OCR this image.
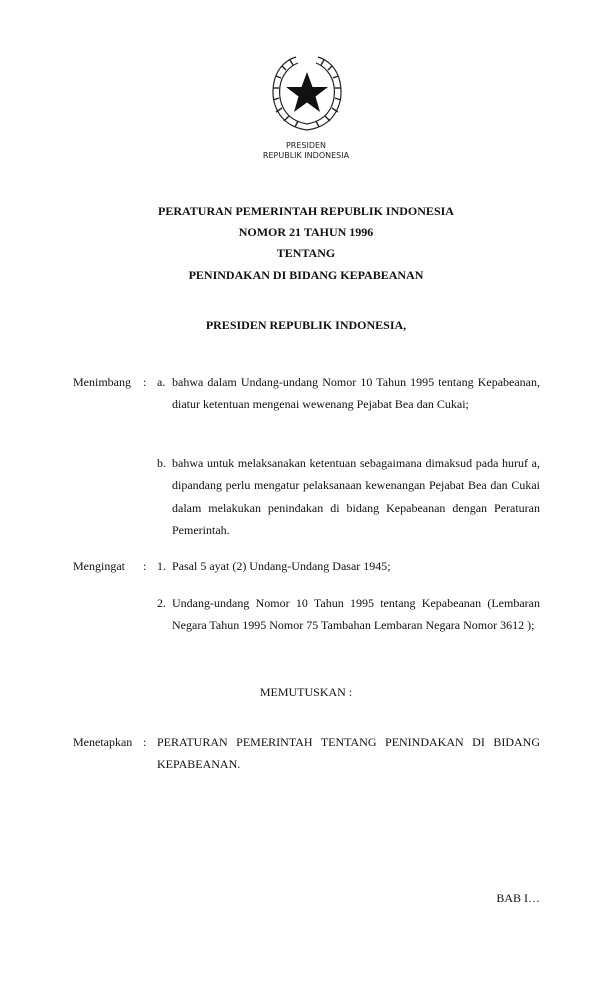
PRESIDEN
REPUBLIK INDONESIA
PERATURAN PEMERINTAH REPUBLIK INDONESIA
NOMOR 21 TAHUN 1996
TENTANG
PENINDAKAN DI BIDANG KEPABEANAN
PRESIDEN REPUBLIK INDONESIA,
Menimbang : a. bahwa dalam Undang-undang Nomor 10 Tahun 1995 tentang Kepabeanan, diatur ketentuan mengenai wewenang Pejabat Bea dan Cukai;
b. bahwa untuk melaksanakan ketentuan sebagaimana dimaksud pada huruf a, dipandang perlu mengatur pelaksanaan kewenangan Pejabat Bea dan Cukai dalam melakukan penindakan di bidang Kepabeanan dengan Peraturan Pemerintah.
Mengingat : 1. Pasal 5 ayat (2) Undang-Undang Dasar 1945;
2. Undang-undang Nomor 10 Tahun 1995 tentang Kepabeanan (Lembaran Negara Tahun 1995 Nomor 75 Tambahan Lembaran Negara Nomor 3612 );
MEMUTUSKAN :
Menetapkan : PERATURAN PEMERINTAH TENTANG PENINDAKAN DI BIDANG KEPABEANAN.
BAB I…
